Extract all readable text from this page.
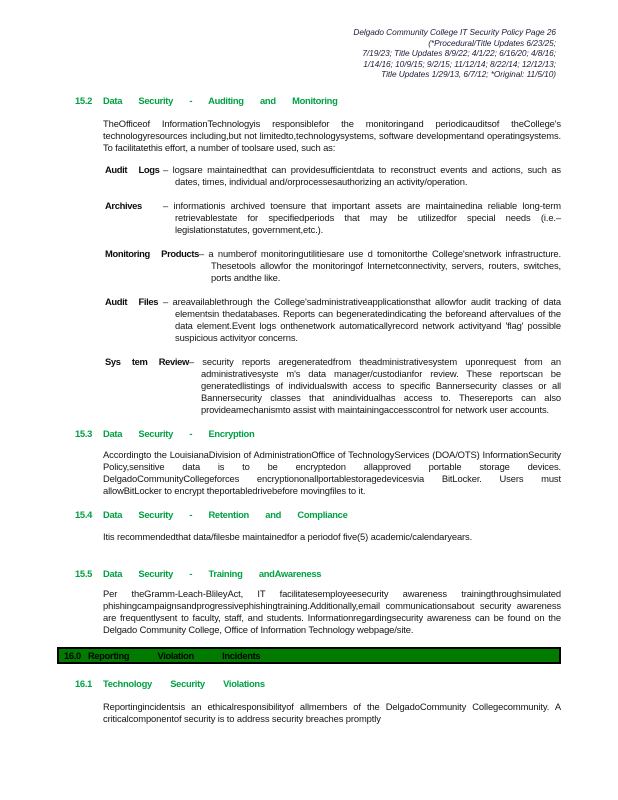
Delgado Community College IT Security Policy Page 26
(*Procedural/Title Updates 6/23/25;
7/19/23; Title Updates 8/9/22; 4/1/22; 6/16/20; 4/8/16;
1/14/16; 10/9/15; 9/2/15; 11/12/14; 8/22/14; 12/12/13;
Title Updates 1/29/13, 6/7/12; *Original: 11/5/10)
15.2	Data Security - Auditing and Monitoring

TheOfficeof InformationTechnologyis responsiblefor the monitoringand periodicauditsof theCollege's technologyresources including,but not limitedto,technologysystems, software developmentand operatingsystems. To facilitatethis effort, a number of toolsare used, such as:

Audit Logs – logsare maintainedthat can providesufficientdata to reconstruct events and actions, such as dates, times, individual and/orprocessesauthorizing an activity/operation.
Archives	– informationis archived toensure that important assets are maintainedina reliable long-term retrievablestate for specifiedperiods that may be utilizedfor special needs (i.e.– legislationstatutes, government,etc.).
Monitoring Products – a numberof monitoringutilitiesare use d tomonitorthe College'snetwork infrastructure. Thesetools allowfor the monitoringof Internetconnectivity, servers, routers, switches, ports andthe like.
Audit Files – areavailablethrough the College'sadministrativeapplicationsthat allowfor audit tracking of data elementsin thedatabases. Reports can begeneratedindicating the beforeand aftervalues of the data element.Event logs onthenetwork automaticallyrecord network activityand 'flag' possible suspicious activityor concerns.
Sys tem Review – security reports aregeneratedfrom theadministrativesystem uponrequest from an administrativesyste m's data manager/custodianfor review. These reportscan be generatedlistings of individualswith access to specific Bannersecurity classes or all Bannersecurity classes that anindividualhas access to. Thesereports can also provideamechanismto assist with maintainingaccesscontrol for network user accounts.
15.3	Data Security - Encryption

Accordingto the LouisianaDivision of AdministrationOffice of TechnologyServices (DOA/OTS) InformationSecurity Policy,sensitive data is to be encryptedon allapproved portable storage devices. DelgadoCommunityCollegeforces encryptiononallportablestoragedevicesvia BitLocker. Users must allowBitLocker to encrypt theportabledrivebefore movingfiles to it.

15.4	Data Security - Retention and Compliance

Itis recommendedthat data/filesbe maintainedfor a periodof five(5) academic/calendaryears.

15.5	Data Security - Training andAwareness

Per theGramm-Leach-BlileyAct, IT facilitatesemployeesecurity awareness trainingthroughsimulated phishingcampaignsandprogressivephishingtraining.Additionally,email communicationsabout security awareness are frequentlysent to faculty, staff, and students. Informationregardingsecurity awareness can be found on the Delgado Community College, Office of Information Technology webpage/site.

16.0 Reporting Violation Incidents
16.1	Technology Security Violations

Reportingincidentsis an ethicalresponsibilityof allmembers of the DelgadoCommunity Collegecommunity. A criticalcomponentof security is to address security breaches promptly
